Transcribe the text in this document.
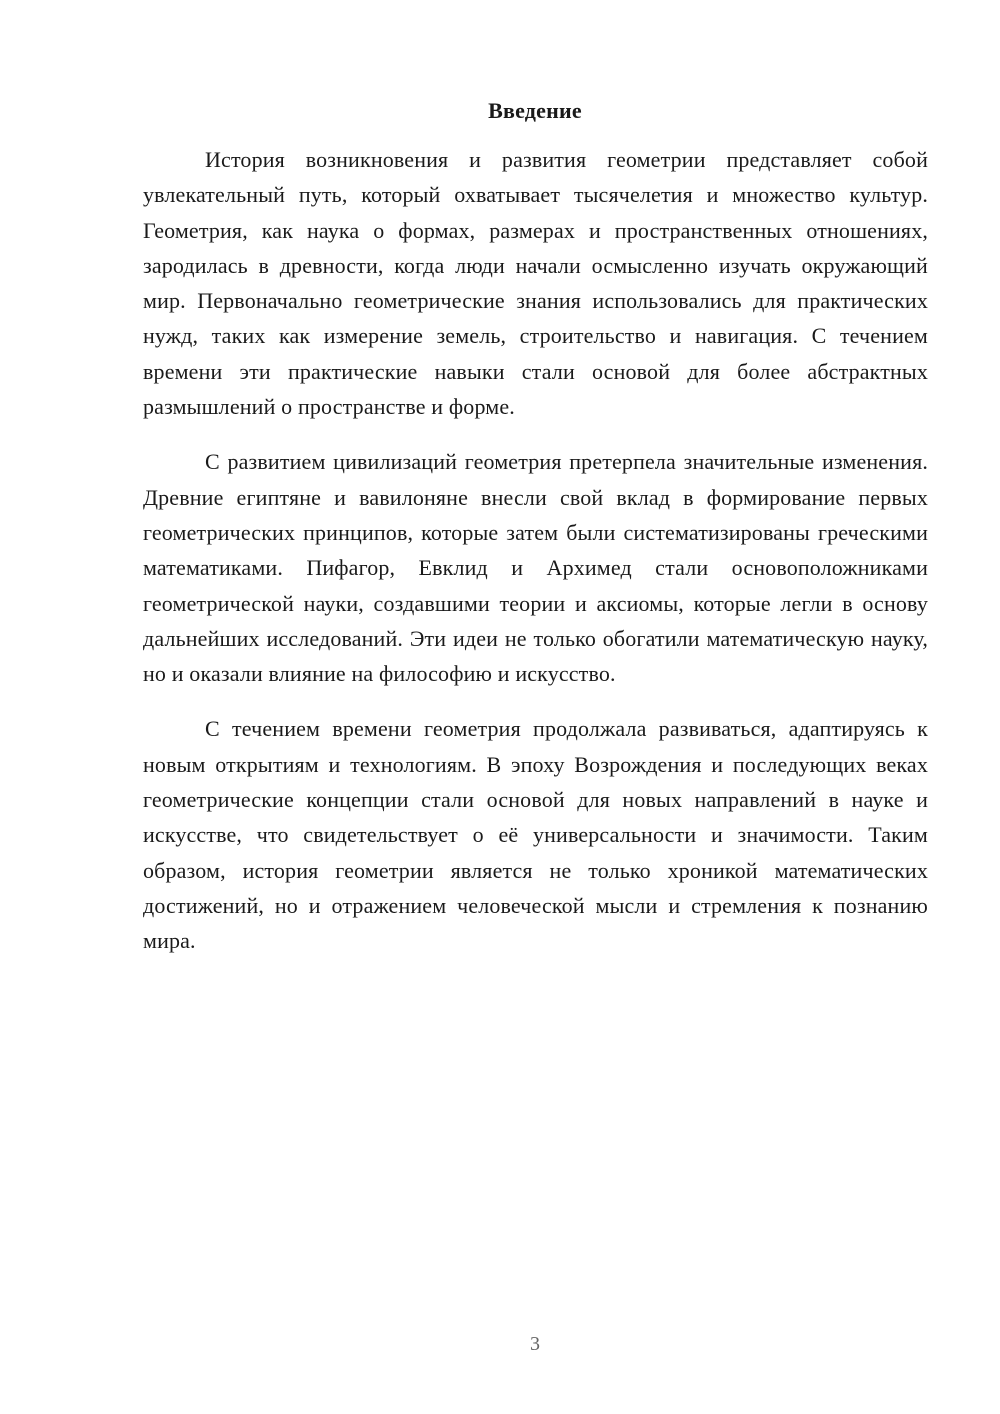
Введение

История возникновения и развития геометрии представляет собой увлекательный путь, который охватывает тысячелетия и множество культур. Геометрия, как наука о формах, размерах и пространственных отношениях, зародилась в древности, когда люди начали осмысленно изучать окружающий мир. Первоначально геометрические знания использовались для практических нужд, таких как измерение земель, строительство и навигация. С течением времени эти практические навыки стали основой для более абстрактных размышлений о пространстве и форме.

С развитием цивилизаций геометрия претерпела значительные изменения. Древние египтяне и вавилоняне внесли свой вклад в формирование первых геометрических принципов, которые затем были систематизированы греческими математиками. Пифагор, Евклид и Архимед стали основоположниками геометрической науки, создавшими теории и аксиомы, которые легли в основу дальнейших исследований. Эти идеи не только обогатили математическую науку, но и оказали влияние на философию и искусство.

С течением времени геометрия продолжала развиваться, адаптируясь к новым открытиям и технологиям. В эпоху Возрождения и последующих веках геометрические концепции стали основой для новых направлений в науке и искусстве, что свидетельствует о её универсальности и значимости. Таким образом, история геометрии является не только хроникой математических достижений, но и отражением человеческой мысли и стремления к познанию мира.

3
